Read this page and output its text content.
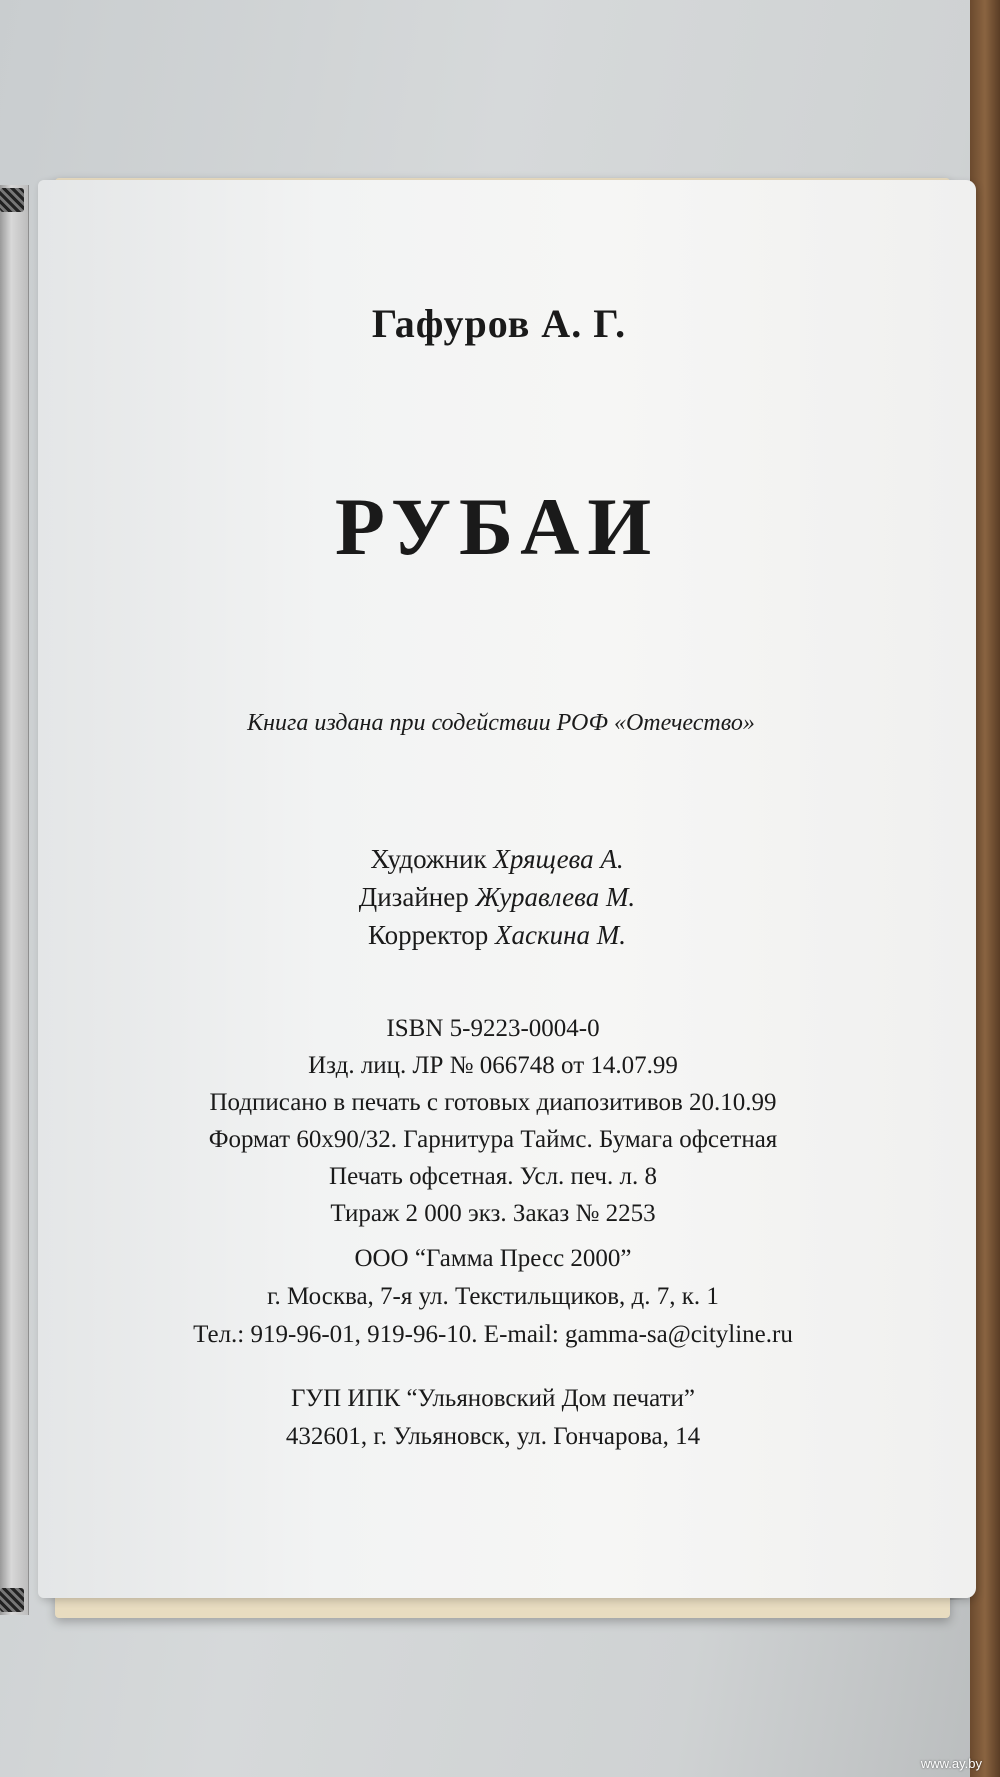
Гафуров А. Г.
РУБАИ
Книга издана при содействии РОФ «Отечество»
Художник Хрящева А.
Дизайнер Журавлева М.
Корректор Хаскина М.
ISBN 5-9223-0004-0
Изд. лиц. ЛР № 066748 от 14.07.99
Подписано в печать с готовых диапозитивов 20.10.99
Формат 60х90/32. Гарнитура Таймс. Бумага офсетная
Печать офсетная. Усл. печ. л. 8
Тираж 2 000 экз. Заказ № 2253
ООО “Гамма Пресс 2000”
г. Москва, 7-я ул. Текстильщиков, д. 7, к. 1
Тел.: 919-96-01, 919-96-10. E-mail: gamma-sa@cityline.ru
ГУП ИПК “Ульяновский Дом печати”
432601, г. Ульяновск, ул. Гончарова, 14
www.ay.by
